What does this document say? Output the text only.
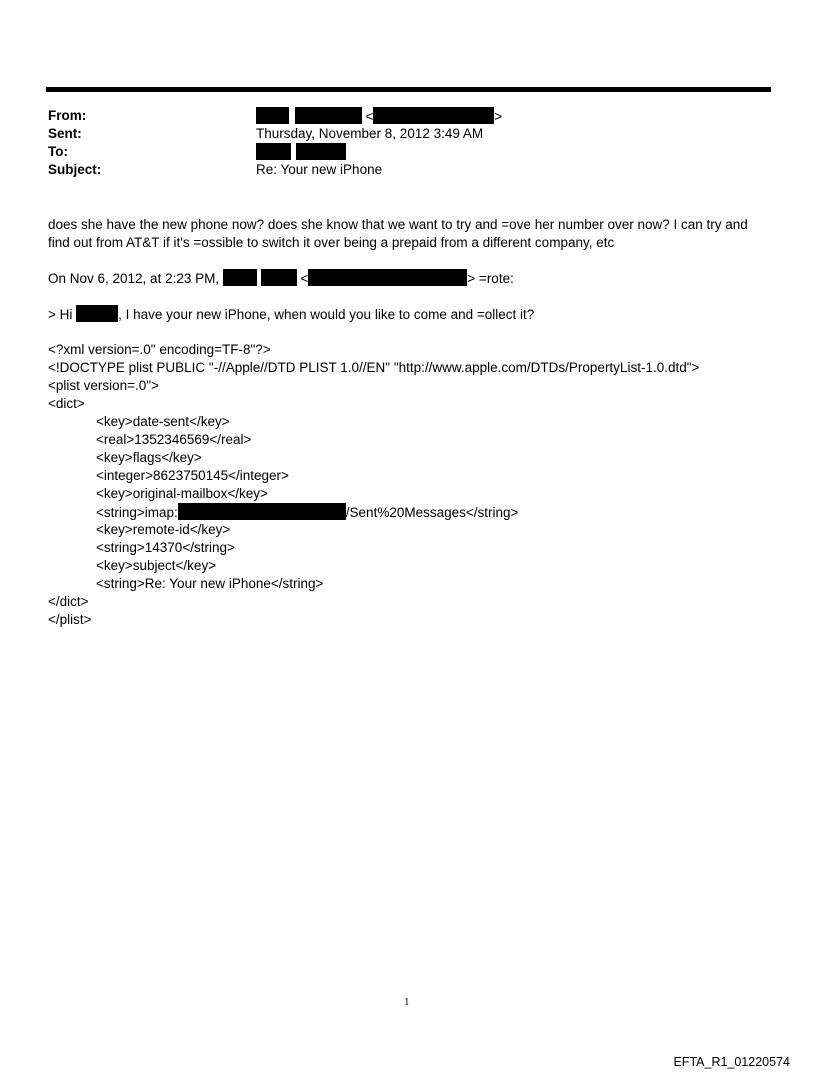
From:	<	>
Sent:	Thursday, November 8, 2012 3:49 AM
To:

Subject:	Re: Your new iPhone
does she have the new phone now? does she know that we want to try and =ove her number over now? I can try and
find out from AT&T if it's =ossible to switch it over being a prepaid from a different company, etc
On Nov 6, 2012, at 2:23 PM,	<	> =rote:
> Hi	, I have your new iPhone, when would you like to come and =ollect it?
<?xml version=.0" encoding=TF-8"?>
<!DOCTYPE plist PUBLIC "-//Apple//DTD PLIST 1.0//EN" "http://www.apple.com/DTDs/PropertyList-1.0.dtd">
<plist version=.0">
<dict>
<key>date-sent</key>
<real>1352346569</real>
<key>flags</key>
<integer>8623750145</integer>
<key>original-mailbox</key>
<string>imap:	/Sent%20Messages</string>
<key>remote-id</key>
<string>14370</string>
<key>subject</key>
<string>Re: Your new iPhone</string>
</dict>
</plist>
1
EFTA_R1_01220574
